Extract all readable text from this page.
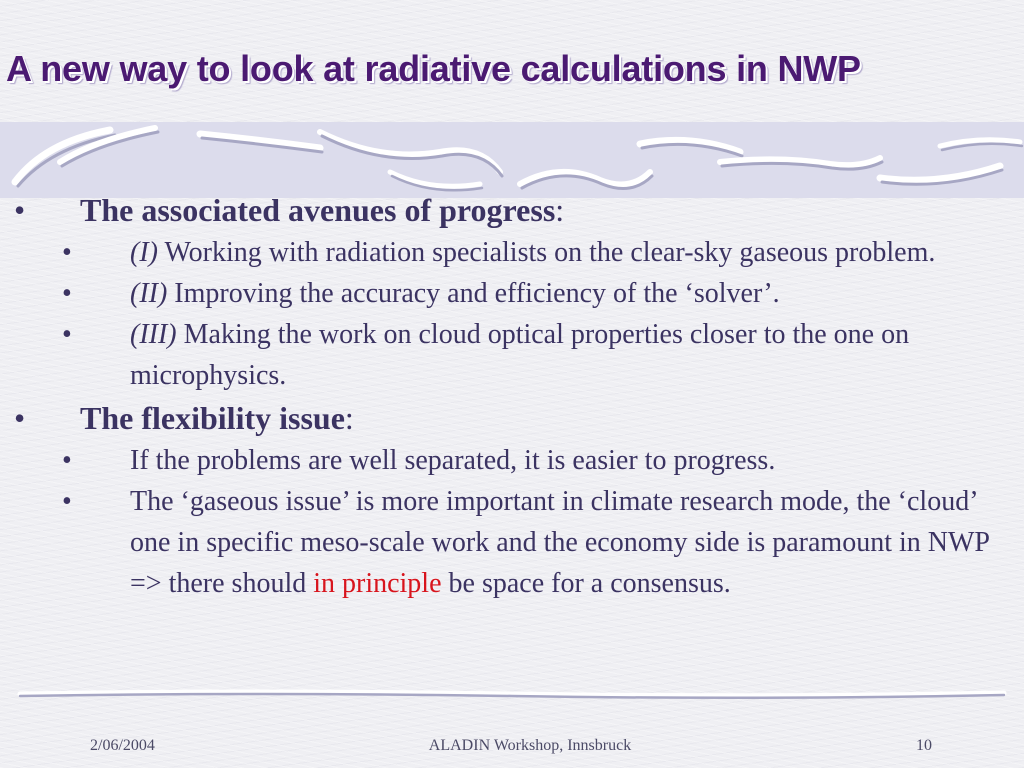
A new way to look at radiative calculations in NWP
• The associated avenues of progress:
• (I) Working with radiation specialists on the clear-sky gaseous problem.
• (II) Improving the accuracy and efficiency of the ‘solver’.
• (III) Making the work on cloud optical properties closer to the one on microphysics.
• The flexibility issue:
• If the problems are well separated, it is easier to progress.
• The ‘gaseous issue’ is more important in climate research mode, the ‘cloud’ one in specific meso-scale work and the economy side is paramount in NWP => there should in principle be space for a consensus.
2/06/2004	ALADIN Workshop, Innsbruck	10
